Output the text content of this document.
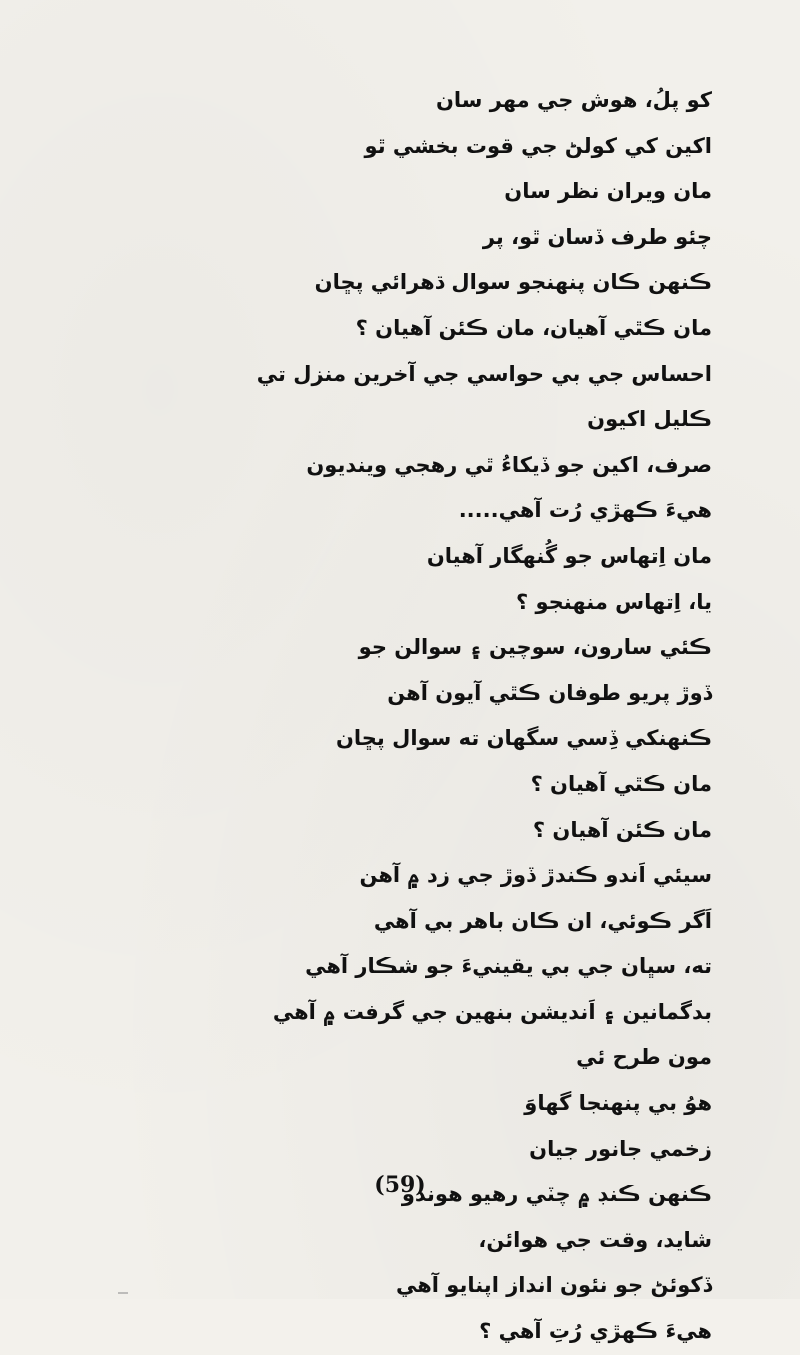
کو پلُ، هوش جي مهر سان
اکين کي کولڻ جي قوت بخشي ٿو
مان ويران نظر سان
چئو طرف ڏسان ٿو، پر
ڪنهن ڪان پنهنجو سوال ڌهرائي پڇان
مان ڪٿي آهيان، مان ڪئن آهيان ؟
احساس جي بي حواسي جي آخرين منزل تي
ڪليل اکيون
صرف، اکين جو ڏيکاءُ ٿي رهجي وينديون
هيءَ ڪهڙي رُت آهي.....
مان اِتهاس جو گُنهگار آهيان
يا، اِتهاس منهنجو ؟
ڪئي سارون، سوچين ۽ سوالن جو
ڏوڙ پريو طوفان ڪٿي آيون آهن
ڪنهنکي ڏِسي سگهان ته سوال پڇان
مان ڪٿي آهيان ؟
مان ڪئن آهيان ؟
سيئي اَندو ڪندڙ ڏوڙ جي زد ۾ آهن
اَگر ڪوئي، ان ڪان باهر بي آهي
ته، سڀان جي بي يقينيءَ جو شڪار آهي
بدگمانين ۽ اَنديشن بنهين جي گرفت ۾ آهي
مون طرح ئي
هوُ بي پنهنجا گهاوَ
زخمي جانور جيان
ڪنهن ڪنڊ ۾ چٽي رهيو هوندو
شايد، وقت جي هوائن،
ڏکوئڻ جو نئون انداز اپنايو آهي
هيءَ ڪهڙي رُتِ آهي ؟
(59)
